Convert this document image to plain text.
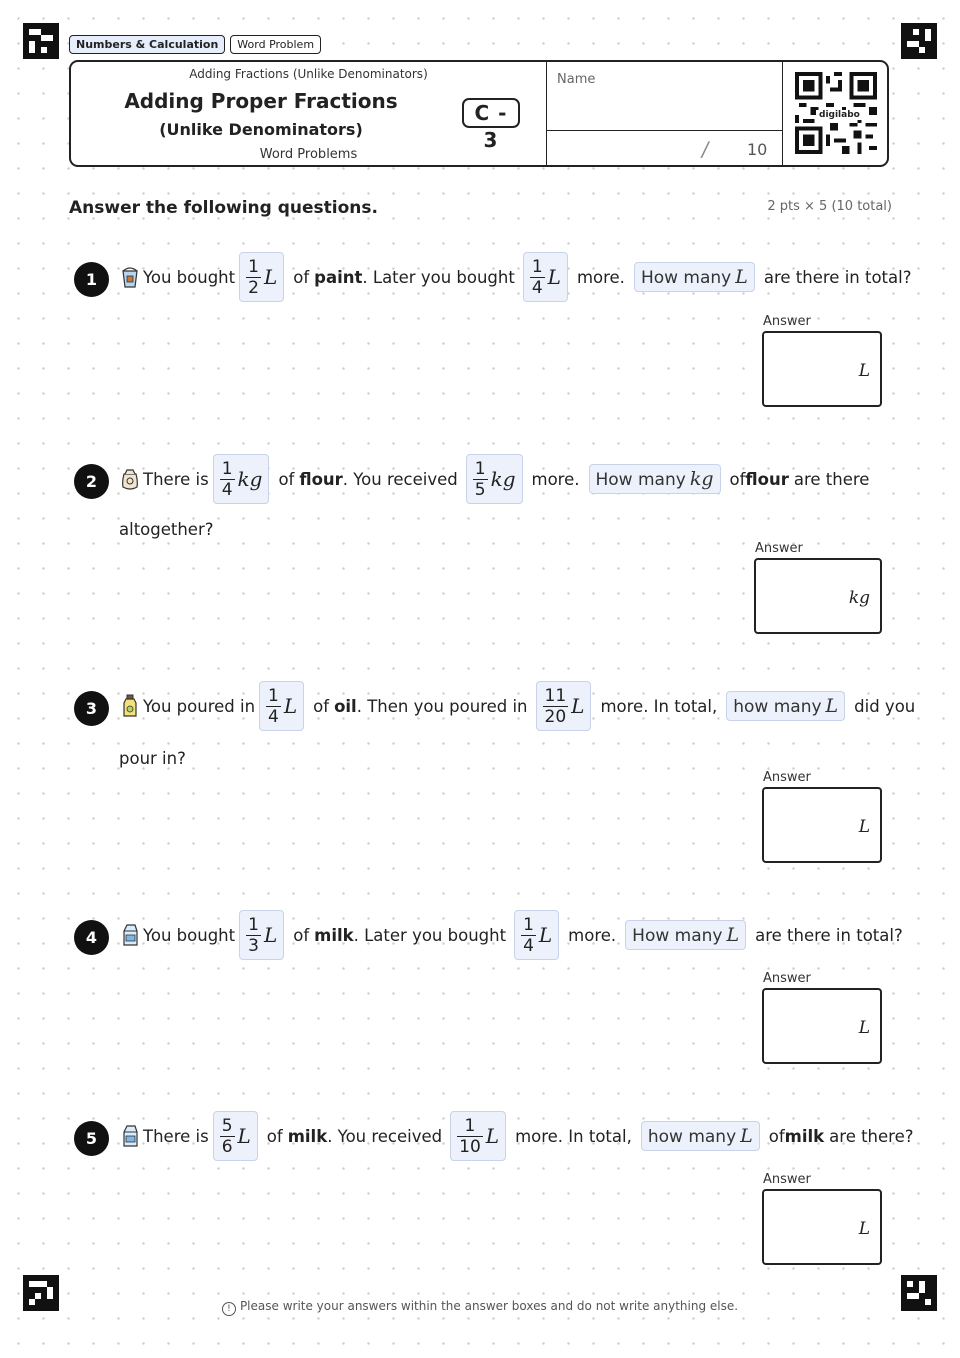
Numbers & Calculation	Word Problem
Adding Fractions (Unlike Denominators)
Adding Proper Fractions (Unlike Denominators)
Word Problems
C - 3
Name
/ 10
digilabo
Answer the following questions.	2 pts × 5 (10 total)
1	You bought $\frac{1}{2}$ L of paint . Later you bought $\frac{1}{4}$ L more. How many L are there in total?
Answer
L
2	There is $\frac{1}{4}$ kg of flour . You received $\frac{1}{5}$ kg more. How many kg of flour are there
altogether?
Answer
kg
3	You poured in $\frac{1}{4}$ L of oil . Then you poured in $\frac{11}{20}$ L more. In total, how many L did you
pour in?
Answer
L
4	You bought $\frac{1}{3}$ L of milk . Later you bought $\frac{1}{4}$ L more. How many L are there in total?
Answer
L
5	There is $\frac{5}{6}$ L of milk . You received $\frac{1}{10}$ L more. In total, how many L of milk are there?
Answer
L
! Please write your answers within the answer boxes and do not write anything else.
